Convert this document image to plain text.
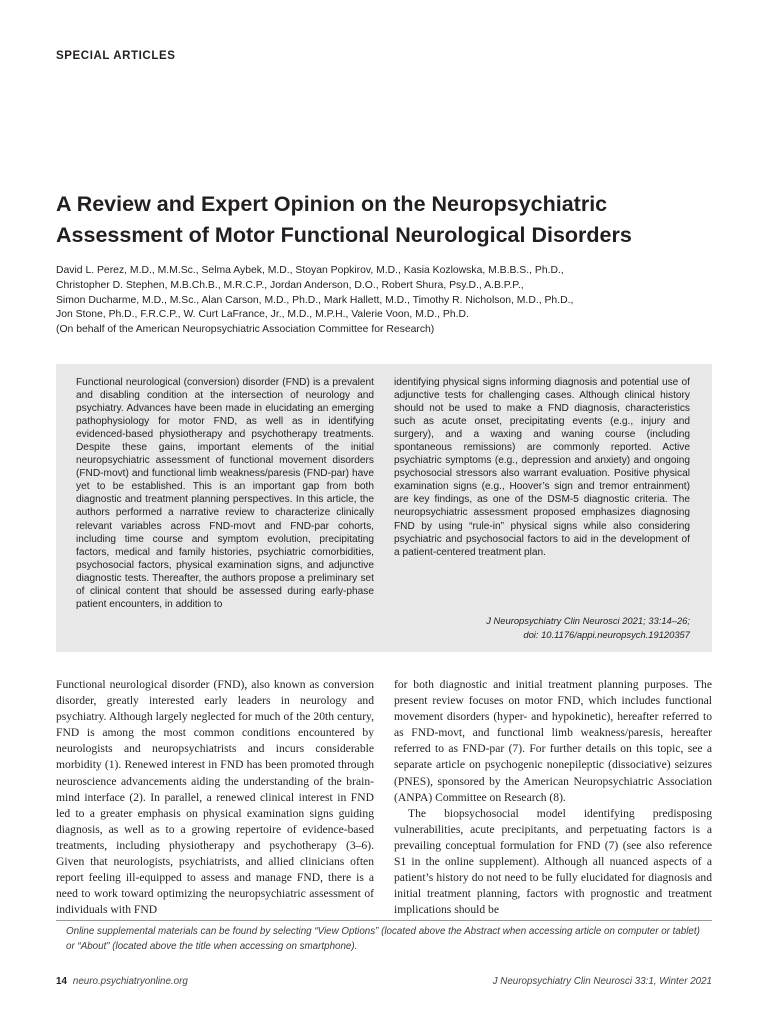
SPECIAL ARTICLES
A Review and Expert Opinion on the Neuropsychiatric
Assessment of Motor Functional Neurological Disorders
David L. Perez, M.D., M.M.Sc., Selma Aybek, M.D., Stoyan Popkirov, M.D., Kasia Kozlowska, M.B.B.S., Ph.D.,
Christopher D. Stephen, M.B.Ch.B., M.R.C.P., Jordan Anderson, D.O., Robert Shura, Psy.D., A.B.P.P.,
Simon Ducharme, M.D., M.Sc., Alan Carson, M.D., Ph.D., Mark Hallett, M.D., Timothy R. Nicholson, M.D., Ph.D.,
Jon Stone, Ph.D., F.R.C.P., W. Curt LaFrance, Jr., M.D., M.P.H., Valerie Voon, M.D., Ph.D.
(On behalf of the American Neuropsychiatric Association Committee for Research)

Functional neurological (conversion) disorder (FND) is a prevalent and disabling condition at the intersection of neurology and psychiatry. Advances have been made in elucidating an emerging pathophysiology for motor FND, as well as in identifying evidenced-based physiotherapy and psychotherapy treatments. Despite these gains, important elements of the initial neuropsychiatric assessment of functional movement disorders (FND-movt) and functional limb weakness/paresis (FND-par) have yet to be established. This is an important gap from both diagnostic and treatment planning perspectives. In this article, the authors performed a narrative review to characterize clinically relevant variables across FND-movt and FND-par cohorts, including time course and symptom evolution, precipitating factors, medical and family histories, psychiatric comorbidities, psychosocial factors, physical examination signs, and adjunctive diagnostic tests. Thereafter, the authors propose a preliminary set of clinical content that should be assessed during early-phase patient encounters, in addition to

identifying physical signs informing diagnosis and potential use of adjunctive tests for challenging cases. Although clinical history should not be used to make a FND diagnosis, characteristics such as acute onset, precipitating events (e.g., injury and surgery), and a waxing and waning course (including spontaneous remissions) are commonly reported. Active psychiatric symptoms (e.g., depression and anxiety) and ongoing psychosocial stressors also warrant evaluation. Positive physical examination signs (e.g., Hoover’s sign and tremor entrainment) are key findings, as one of the DSM-5 diagnostic criteria. The neuropsychiatric assessment proposed emphasizes diagnosing FND by using “rule-in” physical signs while also considering psychiatric and psychosocial factors to aid in the development of a patient-centered treatment plan.

J Neuropsychiatry Clin Neurosci 2021; 33:14–26;
doi: 10.1176/appi.neuropsych.19120357

Functional neurological disorder (FND), also known as conversion disorder, greatly interested early leaders in neurology and psychiatry. Although largely neglected for much of the 20th century, FND is among the most common conditions encountered by neurologists and neuropsychiatrists and incurs considerable morbidity (1). Renewed interest in FND has been promoted through neuroscience advancements aiding the understanding of the brain-mind interface (2). In parallel, a renewed clinical interest in FND led to a greater emphasis on physical examination signs guiding diagnosis, as well as to a growing repertoire of evidence-based treatments, including physiotherapy and psychotherapy (3–6). Given that neurologists, psychiatrists, and allied clinicians often report feeling ill-equipped to assess and manage FND, there is a need to work toward optimizing the neuropsychiatric assessment of individuals with FND

for both diagnostic and initial treatment planning purposes. The present review focuses on motor FND, which includes functional movement disorders (hyper- and hypokinetic), hereafter referred to as FND-movt, and functional limb weakness/paresis, hereafter referred to as FND-par (7). For further details on this topic, see a separate article on psychogenic nonepileptic (dissociative) seizures (PNES), sponsored by the American Neuropsychiatric Association (ANPA) Committee on Research (8).

The biopsychosocial model identifying predisposing vulnerabilities, acute precipitants, and perpetuating factors is a prevailing conceptual formulation for FND (7) (see also reference S1 in the online supplement). Although all nuanced aspects of a patient’s history do not need to be fully elucidated for diagnosis and initial treatment planning, factors with prognostic and treatment implications should be

Online supplemental materials can be found by selecting “View Options” (located above the Abstract when accessing article on computer or tablet) or “About” (located above the title when accessing on smartphone).
14 neuro.psychiatryonline.org	J Neuropsychiatry Clin Neurosci 33:1, Winter 2021
